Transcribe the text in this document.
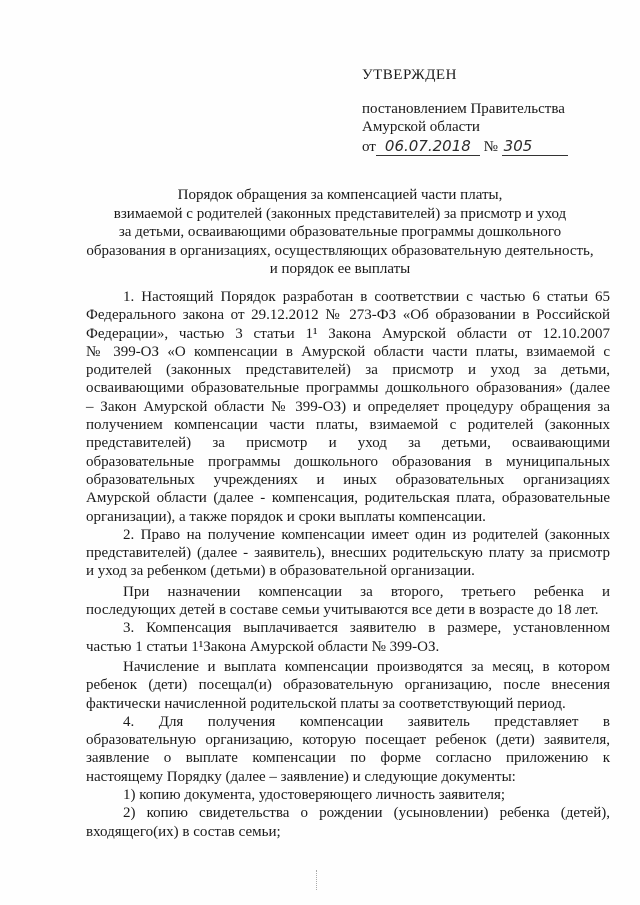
УТВЕРЖДЕН
постановлением Правительства
Амурской области
от 06.07.2018 № 305
Порядок обращения за компенсацией части платы,
взимаемой с родителей (законных представителей) за присмотр и уход
за детьми, осваивающими образовательные программы дошкольного
образования в организациях, осуществляющих образовательную деятельность,
и порядок ее выплаты
1. Настоящий Порядок разработан в соответствии с частью 6 статьи 65
Федерального закона от 29.12.2012 № 273-ФЗ «Об образовании в Российской
Федерации», частью 3 статьи 1¹ Закона Амурской области от 12.10.2007
№ 399-ОЗ «О компенсации в Амурской области части платы, взимаемой с
родителей (законных представителей) за присмотр и уход за детьми,
осваивающими образовательные программы дошкольного образования» (далее
– Закон Амурской области № 399-ОЗ) и определяет процедуру обращения за
получением компенсации части платы, взимаемой с родителей (законных
представителей) за присмотр и уход за детьми, осваивающими
образовательные программы дошкольного образования в муниципальных
образовательных учреждениях и иных образовательных организациях
Амурской области (далее - компенсация, родительская плата, образовательные
организации), а также порядок и сроки выплаты компенсации.
2. Право на получение компенсации имеет один из родителей (законных
представителей) (далее - заявитель), внесших родительскую плату за присмотр
и уход за ребенком (детьми) в образовательной организации.
При назначении компенсации за второго, третьего ребенка и
последующих детей в составе семьи учитываются все дети в возрасте до 18 лет.
3. Компенсация выплачивается заявителю в размере, установленном
частью 1 статьи 1¹Закона Амурской области № 399-ОЗ.
Начисление и выплата компенсации производятся за месяц, в котором
ребенок (дети) посещал(и) образовательную организацию, после внесения
фактически начисленной родительской платы за соответствующий период.
4. Для получения компенсации заявитель представляет в
образовательную организацию, которую посещает ребенок (дети) заявителя,
заявление о выплате компенсации по форме согласно приложению к
настоящему Порядку (далее – заявление) и следующие документы:
1) копию документа, удостоверяющего личность заявителя;
2) копию свидетельства о рождении (усыновлении) ребенка (детей),
входящего(их) в состав семьи;
